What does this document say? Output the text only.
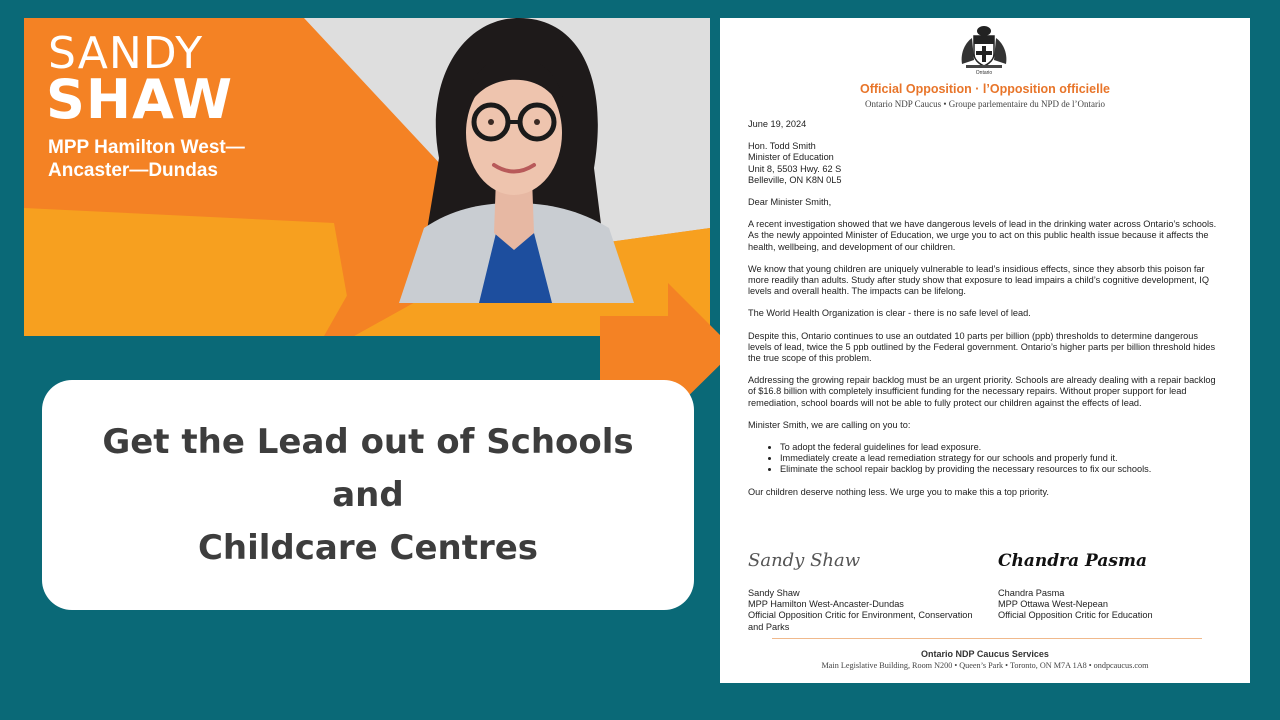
SANDY
SHAW
MPP Hamilton West—Ancaster—Dundas

Get the Lead out of Schools
and
Childcare Centres

Ontario
Official Opposition · l’Opposition officielle
Ontario NDP Caucus • Groupe parlementaire du NPD de l’Ontario

June 19, 2024

Hon. Todd Smith
Minister of Education
Unit 8, 5503 Hwy. 62 S
Belleville, ON K8N 0L5

Dear Minister Smith,

A recent investigation showed that we have dangerous levels of lead in the drinking water across Ontario’s schools. As the newly appointed Minister of Education, we urge you to act on this public health issue because it affects the health, wellbeing, and development of our children.

We know that young children are uniquely vulnerable to lead’s insidious effects, since they absorb this poison far more readily than adults. Study after study show that exposure to lead impairs a child’s cognitive development, IQ levels and overall health. The impacts can be lifelong.

The World Health Organization is clear - there is no safe level of lead.

Despite this, Ontario continues to use an outdated 10 parts per billion (ppb) thresholds to determine dangerous levels of lead, twice the 5 ppb outlined by the Federal government. Ontario’s higher parts per billion threshold hides the true scope of this problem.

Addressing the growing repair backlog must be an urgent priority. Schools are already dealing with a repair backlog of $16.8 billion with completely insufficient funding for the necessary repairs. Without proper support for lead remediation, school boards will not be able to fully protect our children against the effects of lead.

Minister Smith, we are calling on you to:

• To adopt the federal guidelines for lead exposure.
• Immediately create a lead remediation strategy for our schools and properly fund it.
• Eliminate the school repair backlog by providing the necessary resources to fix our schools.

Our children deserve nothing less. We urge you to make this a top priority.

Sandy Shaw
Sandy Shaw
MPP Hamilton West-Ancaster-Dundas
Official Opposition Critic for Environment, Conservation and Parks
Chandra Pasma
Chandra Pasma
MPP Ottawa West-Nepean
Official Opposition Critic for Education
Ontario NDP Caucus Services
Main Legislative Building, Room N200 • Queen’s Park • Toronto, ON M7A 1A8 • ondpcaucus.com
